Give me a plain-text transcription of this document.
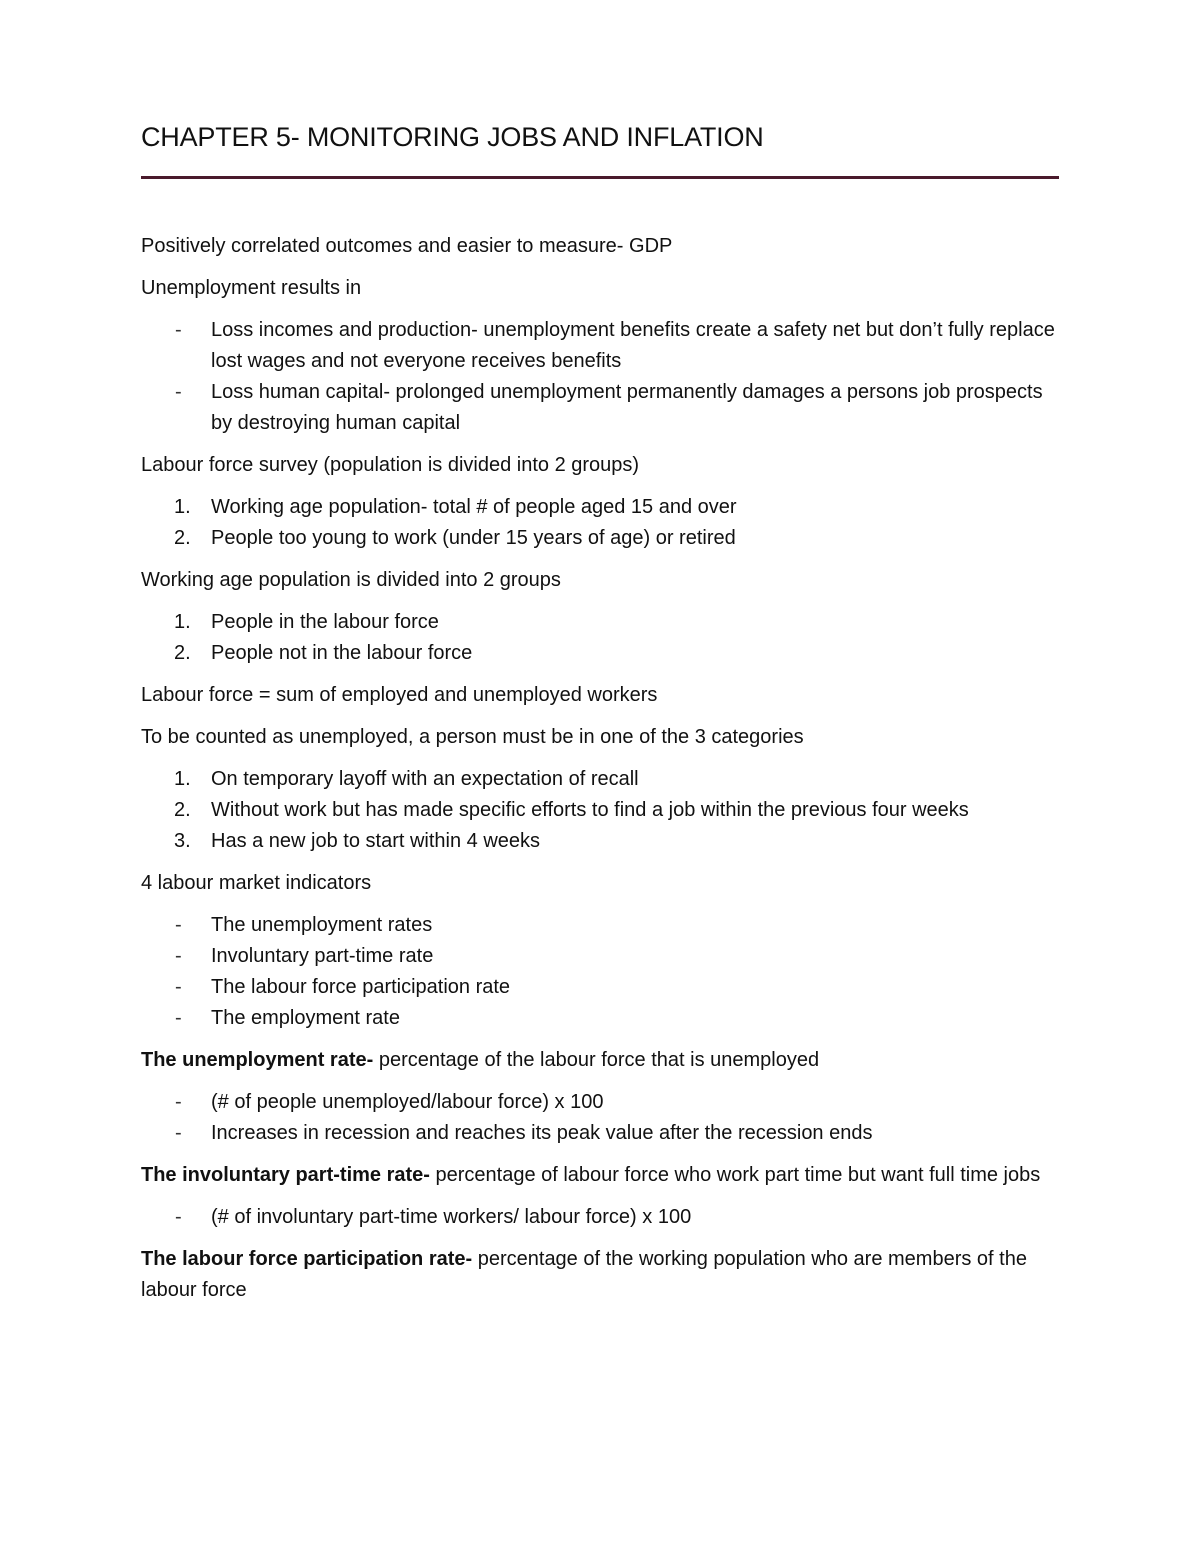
CHAPTER 5- MONITORING JOBS AND INFLATION

Positively correlated outcomes and easier to measure- GDP

Unemployment results in

- Loss incomes and production- unemployment benefits create a safety net but don’t fully replace lost wages and not everyone receives benefits
- Loss human capital- prolonged unemployment permanently damages a persons job prospects by destroying human capital

Labour force survey (population is divided into 2 groups)

1. Working age population- total # of people aged 15 and over
2. People too young to work (under 15 years of age) or retired

Working age population is divided into 2 groups

1. People in the labour force
2. People not in the labour force

Labour force = sum of employed and unemployed workers

To be counted as unemployed, a person must be in one of the 3 categories

1. On temporary layoff with an expectation of recall
2. Without work but has made specific efforts to find a job within the previous four weeks
3. Has a new job to start within 4 weeks

4 labour market indicators

- The unemployment rates
- Involuntary part-time rate
- The labour force participation rate
- The employment rate

The unemployment rate- percentage of the labour force that is unemployed

- (# of people unemployed/labour force) x 100
- Increases in recession and reaches its peak value after the recession ends

The involuntary part-time rate- percentage of labour force who work part time but want full time jobs

- (# of involuntary part-time workers/ labour force) x 100

The labour force participation rate- percentage of the working population who are members of the labour force
